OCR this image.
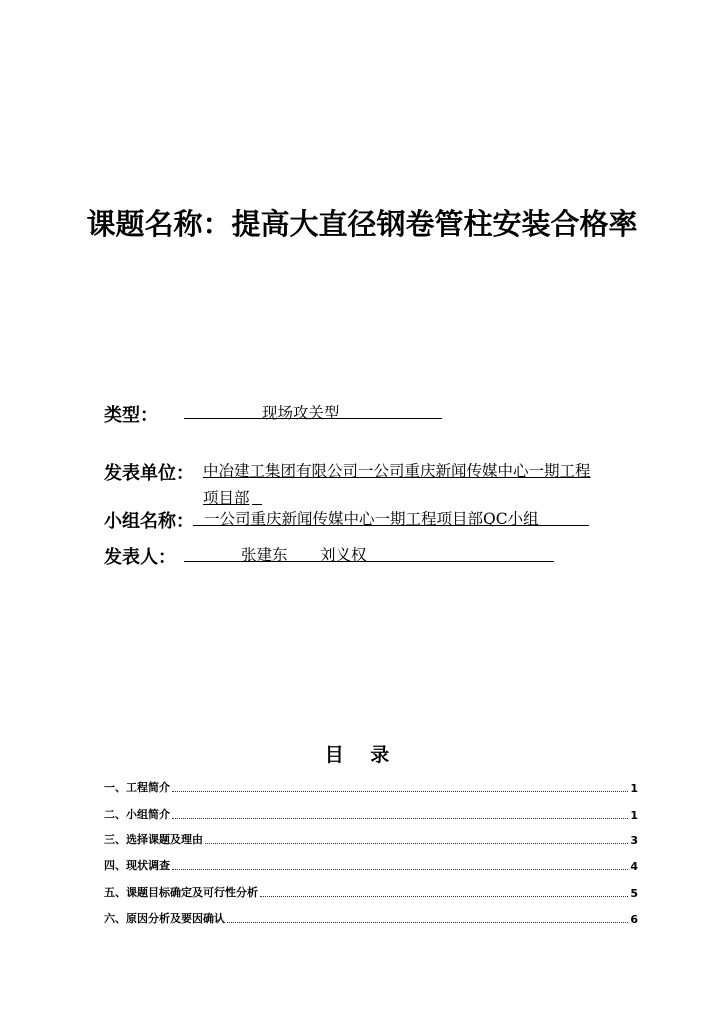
课题名称：提高大直径钢卷管柱安装合格率
类型：	现场攻关型
发表单位： 中冶建工集团有限公司一公司重庆新闻传媒中心一期工程
项目部
小组名称： 一公司重庆新闻传媒中心一期工程项目部QC小组
发表人：	张建东 刘义权
目 录
一、工程简介	1
二、小组简介	1
三、选择课题及理由	3
四、现状调查	4
五、课题目标确定及可行性分析	5
六、原因分析及要因确认	6
